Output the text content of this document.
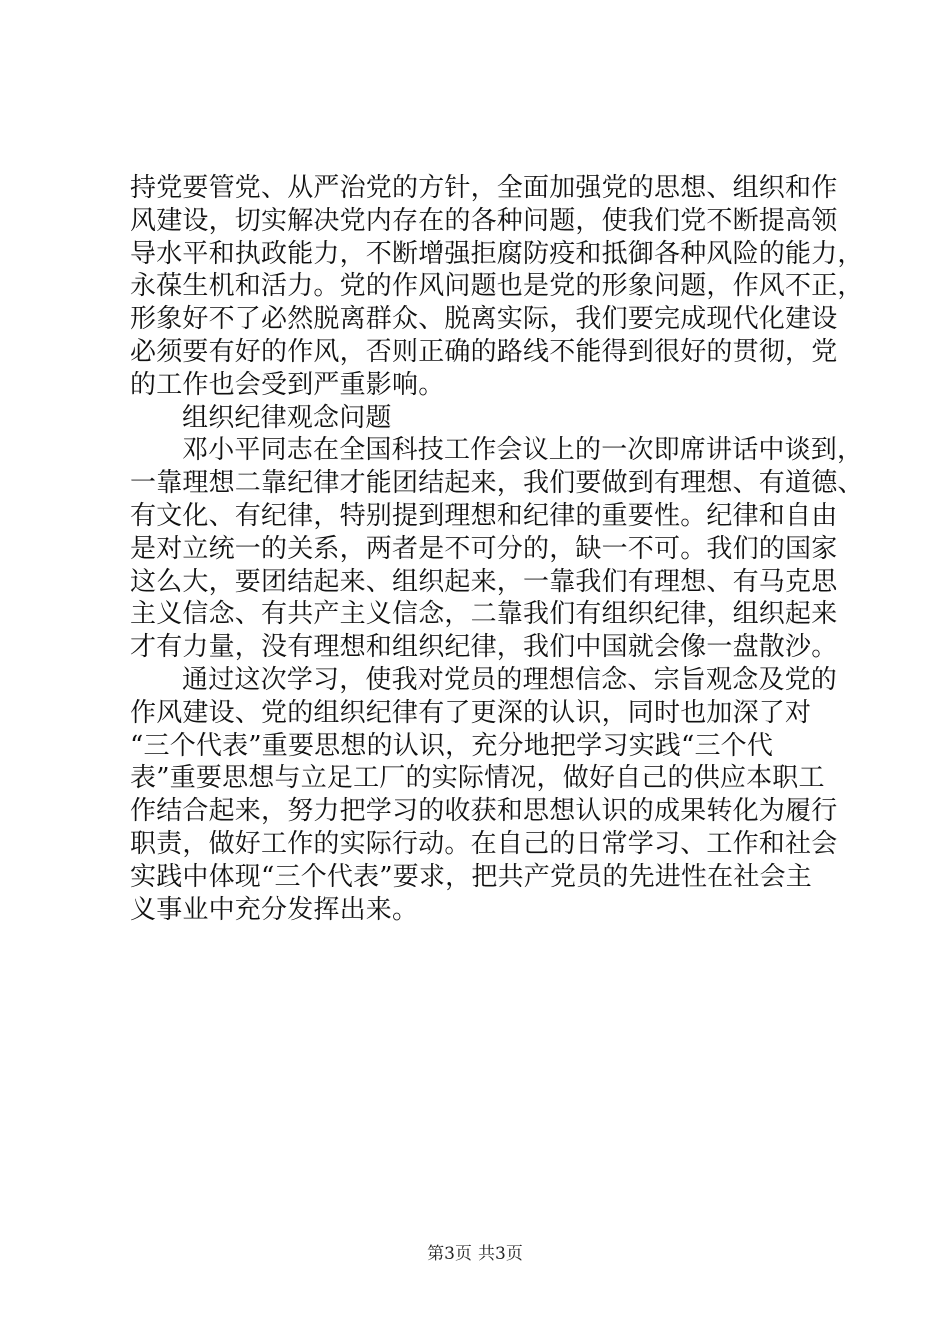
持党要管党、从严治党的方针，全面加强党的思想、组织和作
风建设，切实解决党内存在的各种问题，使我们党不断提高领
导水平和执政能力，不断增强拒腐防疫和抵御各种风险的能力，
永葆生机和活力。党的作风问题也是党的形象问题，作风不正，
形象好不了必然脱离群众、脱离实际，我们要完成现代化建设
必须要有好的作风，否则正确的路线不能得到很好的贯彻，党
的工作也会受到严重影响。
组织纪律观念问题
邓小平同志在全国科技工作会议上的一次即席讲话中谈到，
一靠理想二靠纪律才能团结起来，我们要做到有理想、有道德、
有文化、有纪律，特别提到理想和纪律的重要性。纪律和自由
是对立统一的关系，两者是不可分的，缺一不可。我们的国家
这么大，要团结起来、组织起来，一靠我们有理想、有马克思
主义信念、有共产主义信念，二靠我们有组织纪律，组织起来
才有力量，没有理想和组织纪律，我们中国就会像一盘散沙。
通过这次学习，使我对党员的理想信念、宗旨观念及党的
作风建设、党的组织纪律有了更深的认识，同时也加深了对
“三个代表”重要思想的认识，充分地把学习实践“三个代
表”重要思想与立足工厂的实际情况，做好自己的供应本职工
作结合起来，努力把学习的收获和思想认识的成果转化为履行
职责，做好工作的实际行动。在自己的日常学习、工作和社会
实践中体现“三个代表”要求，把共产党员的先进性在社会主
义事业中充分发挥出来。
第3页 共3页
